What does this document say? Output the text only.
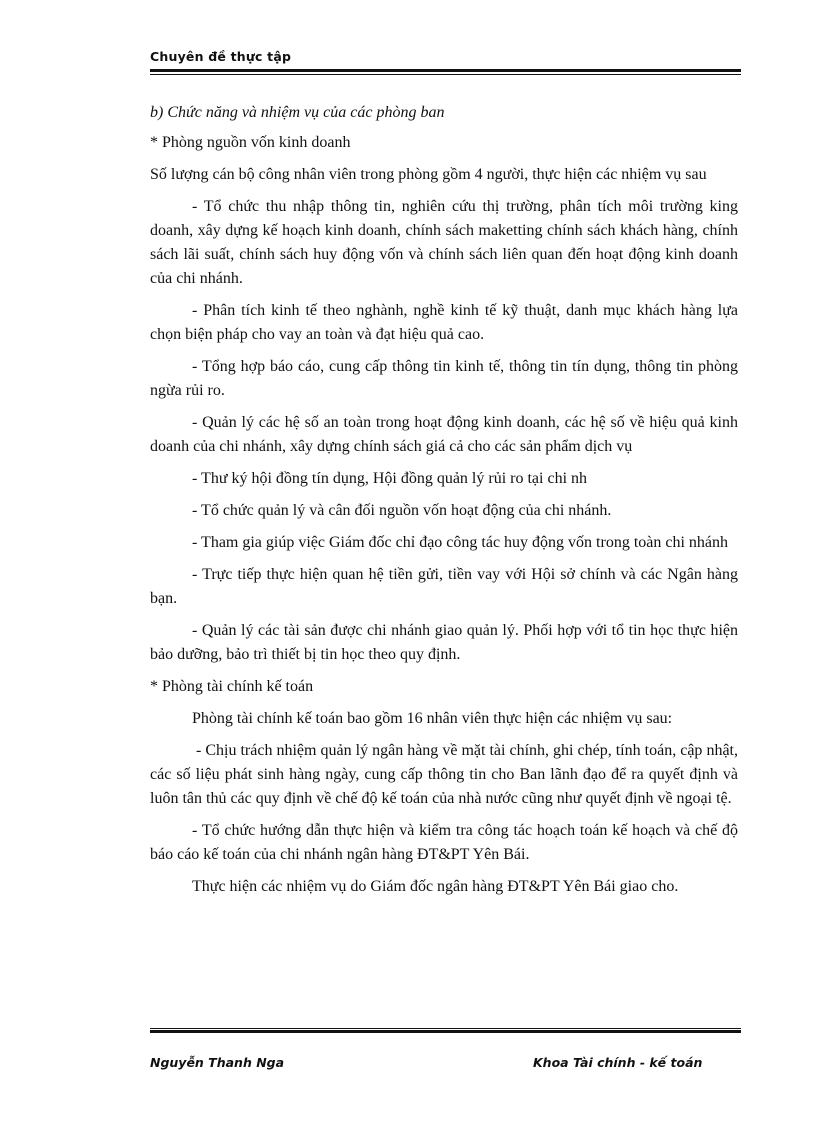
Chuyên đề thực tập

b) Chức năng và nhiệm vụ của các phòng ban

* Phòng nguồn vốn kinh doanh

Số lượng cán bộ công nhân viên trong phòng gồm 4 người, thực hiện các nhiệm vụ sau

- Tổ chức thu nhập thông tin, nghiên cứu thị trường, phân tích môi trường king doanh, xây dựng kế hoạch kinh doanh, chính sách maketting chính sách khách hàng, chính sách lãi suất, chính sách huy động vốn và chính sách liên quan đến hoạt động kinh doanh của chi nhánh.

- Phân tích kinh tế theo nghành, nghề kinh tế kỹ thuật, danh mục khách hàng lựa chọn biện pháp cho vay an toàn và đạt hiệu quả cao.

- Tổng hợp báo cáo, cung cấp thông tin kinh tế, thông tin tín dụng, thông tin phòng ngừa rủi ro.

- Quản lý các hệ số an toàn trong hoạt động kinh doanh, các hệ số về hiệu quả kinh doanh của chi nhánh, xây dựng chính sách giá cả cho các sản phẩm dịch vụ

- Thư ký hội đồng tín dụng, Hội đồng quản lý rủi ro tại chi nh

- Tổ chức quản lý và cân đối nguồn vốn hoạt động của chi nhánh.

- Tham gia giúp việc Giám đốc chỉ đạo công tác huy động vốn trong toàn chi nhánh

- Trực tiếp thực hiện quan hệ tiền gửi, tiền vay với Hội sở chính và các Ngân hàng bạn.

- Quản lý các tài sản được chi nhánh giao quản lý. Phối hợp với tổ tin học thực hiện bảo dưỡng, bảo trì thiết bị tin học theo quy định.

* Phòng tài chính kế toán

Phòng tài chính kế toán bao gồm 16 nhân viên thực hiện các nhiệm vụ sau:

- Chịu trách nhiệm quản lý ngân hàng về mặt tài chính, ghi chép, tính toán, cập nhật, các số liệu phát sinh hàng ngày, cung cấp thông tin cho Ban lãnh đạo để ra quyết định và luôn tân thủ các quy định về chế độ kế toán của nhà nước cũng như quyết định về ngoại tệ.

- Tổ chức hướng dẫn thực hiện và kiểm tra công tác hoạch toán kế hoạch và chế độ báo cáo kế toán của chi nhánh ngân hàng ĐT&PT Yên Bái.

Thực hiện các nhiệm vụ do Giám đốc ngân hàng ĐT&PT Yên Bái giao cho.

Nguyễn Thanh Nga	Khoa Tài chính - kế toán
